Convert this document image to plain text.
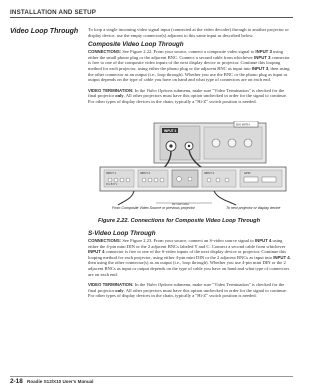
INSTALLATION AND SETUP
Video Loop Through To loop a single incoming video signal input (connected at the video decoder) through to another projector or display device, use the empty connector(s) adjacent to this same input as described below.

Composite Video Loop Through

CONNECTIONS: See Figure 2.22. From your source, connect a composite video signal to INPUT 3 using either the small phono plug or the adjacent BNC. Connect a second cable from whichever INPUT 3 connector is free to one of the composite video inputs of the next display device or projector. Continue this looping method for each projector, using either the phono plug or the adjacent BNC as input into INPUT 3, then using the other connector as an output (i.e., loop through). Whether you use the BNC or the phono plug as input or output depends on the type of cable you have on hand and what type of connectors are on each end.

VIDEO TERMINATION: In the Video Options submenu, make sure "Video Termination" is checked for the final projector only. All other projectors must have this option unchecked in order for the signal to continue. For other types of display devices in the chain, typically a "Hi-Z" switch position is needed.

INPUT 3
DVI WITH
INPUT 1	INPUT 2	INPUT 4
R G B H V
GPIO
RF IAW IARA
From Composite Video Source or previous projector	To next projector or display device
Figure 2.22. Connections for Composite Video Loop Through

S-Video Loop Through

CONNECTIONS: See Figure 2.23. From your source, connect an S-video source signal to INPUT 4 using either the 4-pin mini DIN or the 2 adjacent BNCs labeled Y and C. Connect a second cable from whichever INPUT 4 connector is free to one of the S-video inputs of the next display device or projector. Continue this looping method for each projector, using either 4-pin mini DIN or the 2 adjacent BNCs as input into INPUT 4, then using the other connector(s) as an output (i.e., loop through). Whether you use 4-pin mini DIN or the 2 adjacent BNCs as input or output depends on the type of cable you have on hand and what type of connectors are on each end.

VIDEO TERMINATION: In the Video Options submenu, make sure "Video Termination" is checked for the final projector only. All other projectors must have this option unchecked in order for the signal to continue. For other types of display devices in the chain, typically a "Hi-Z" switch position is needed.

2-18 Roadie S12/X10 User's Manual
